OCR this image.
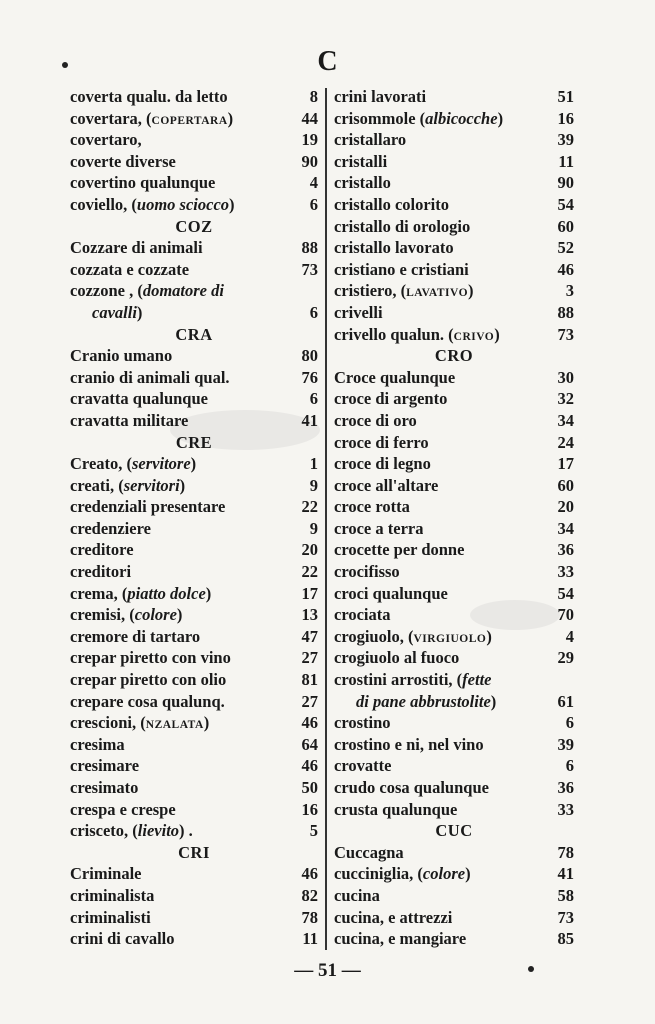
C
coverta qualu. da letto	8
covertara, (COPERTARA)	44
covertaro,	19
coverte diverse	90
covertino qualunque	4
coviello, (uomo sciocco)	6
COZ
Cozzare di animali	88
cozzata e cozzate	73
cozzone , (domatore di
cavalli)	6
CRA
Cranio umano	80
cranio di animali qual.	76
cravatta qualunque	6
cravatta militare	41
CRE
Creato, (servitore)	1
creati, (servitori)	9
credenziali presentare	22
credenziere	9
creditore	20
creditori	22
crema, (piatto dolce)	17
cremisi, (colore)	13
cremore di tartaro	47
crepar piretto con vino	27
crepar piretto con olio	81
crepare cosa qualunq.	27
crescioni, (NZALATA)	46
cresima	64
cresimare	46
cresimato	50
crespa e crespe	16
crisceto, (lievito) .	5
CRI
Criminale	46
criminalista	82
criminalisti	78
crini di cavallo	11
crini lavorati	51
crisommole (albicocche)	16
cristallaro	39
cristalli	11
cristallo	90
cristallo colorito	54
cristallo di orologio	60
cristallo lavorato	52
cristiano e cristiani	46
cristiero, (LAVATIVO)	3
crivelli	88
crivello qualun. (CRIVO)	73
CRO
Croce qualunque	30
croce di argento	32
croce di oro	34
croce di ferro	24
croce di legno	17
croce all'altare	60
croce rotta	20
croce a terra	34
crocette per donne	36
crocifisso	33
croci qualunque	54
crociata	70
crogiuolo, (VIRGIUOLO)	4
crogiuolo al fuoco	29
crostini arrostiti, (fette
di pane abbrustolite)	61
crostino	6
crostino e ni, nel vino	39
crovatte	6
crudo cosa qualunque	36
crusta qualunque	33
CUC
Cuccagna	78
cucciniglia, (colore)	41
cucina	58
cucina, e attrezzi	73
cucina, e mangiare	85
— 51 —
